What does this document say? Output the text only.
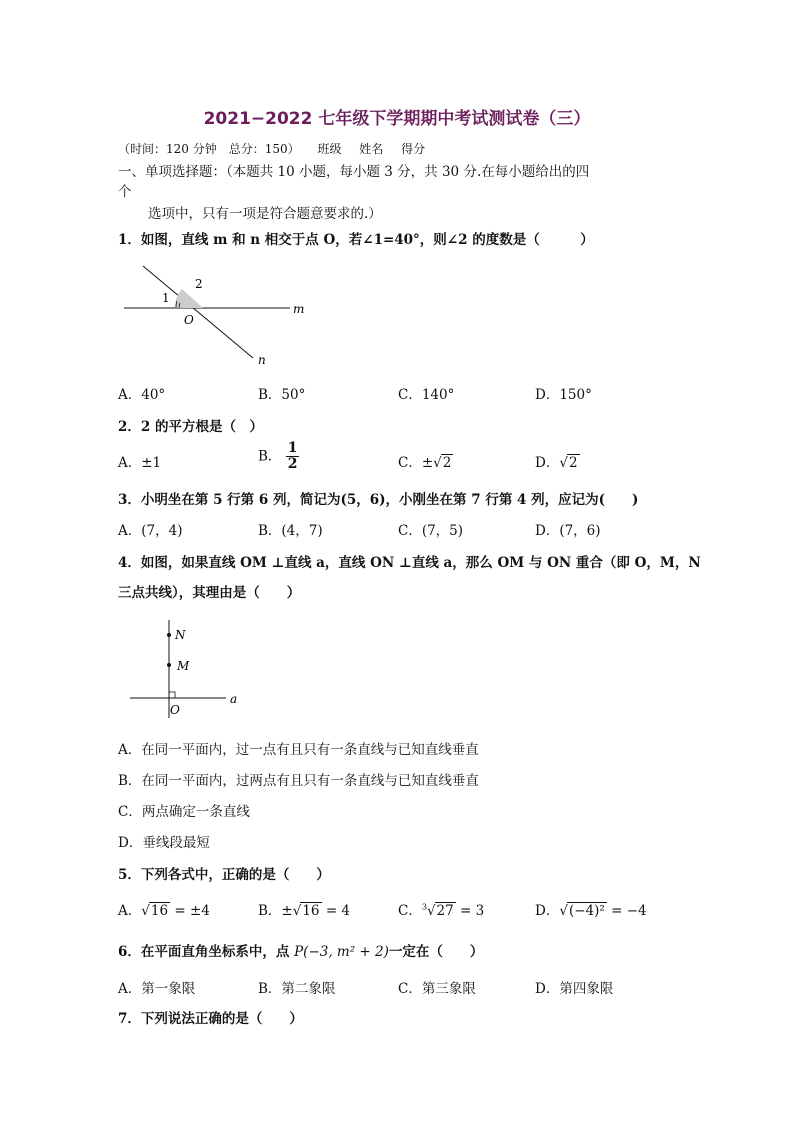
2021−2022 七年级下学期期中考试测试卷（三）
（时间：120 分钟　总分：150） 班级 姓名 得分
一、单项选择题：（本题共 10 小题，每小题 3 分，共 30 分.在每小题给出的四
个
选项中，只有一项是符合题意要求的.）
1．如图，直线 m 和 n 相交于点 O，若∠1=40°，则∠2 的度数是（　　　）
1
2
O
m
n
A．40°	B．50°	C．140°	D．150°
2．2 的平方根是（　）
A．±1	B． $\frac{1}{2}$	C．±√2	D．√2
3．小明坐在第 5 行第 6 列，简记为(5，6)，小刚坐在第 7 行第 4 列，应记为(　　)
A．(7，4)	B．(4，7)	C．(7，5)	D．(7，6)
4．如图，如果直线 OM ⊥直线 a，直线 ON ⊥直线 a，那么 OM 与 ON 重合（即 O，M，N
三点共线），其理由是（　　）
N
M
O
a
A．在同一平面内，过一点有且只有一条直线与已知直线垂直
B．在同一平面内，过两点有且只有一条直线与已知直线垂直
C．两点确定一条直线
D．垂线段最短
5．下列各式中，正确的是（　　）
A．√16 = ±4	B．±√16 = 4	C．$^3$√27 = 3	D．√(−4)² = −4
6．在平面直角坐标系中，点 P(−3, m² + 2)一定在（　　）
A．第一象限	B．第二象限	C．第三象限	D．第四象限
7．下列说法正确的是（　　）
